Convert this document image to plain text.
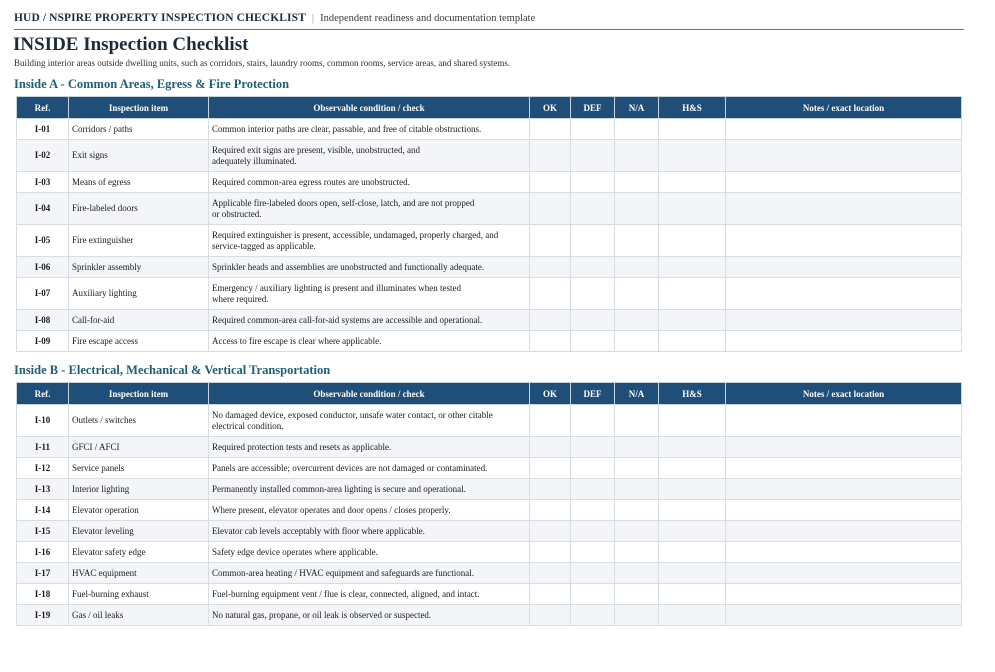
HUD / NSPIRE PROPERTY INSPECTION CHECKLIST | Independent readiness and documentation template
INSIDE Inspection Checklist
Building interior areas outside dwelling units, such as corridors, stairs, laundry rooms, common rooms, service areas, and shared systems.
Inside A - Common Areas, Egress & Fire Protection
Ref.	Inspection item	Observable condition / check	OK	DEF	N/A	H&S	Notes / exact location
I-01	Corridors / paths	Common interior paths are clear, passable, and free of citable obstructions.					
I-02	Exit signs	Required exit signs are present, visible, unobstructed, and
adequately illuminated.					
I-03	Means of egress	Required common-area egress routes are unobstructed.					
I-04	Fire-labeled doors	Applicable fire-labeled doors open, self-close, latch, and are not propped
or obstructed.					
I-05	Fire extinguisher	Required extinguisher is present, accessible, undamaged, properly charged, and
service-tagged as applicable.					
I-06	Sprinkler assembly	Sprinkler heads and assemblies are unobstructed and functionally adequate.					
I-07	Auxiliary lighting	Emergency / auxiliary lighting is present and illuminates when tested
where required.					
I-08	Call-for-aid	Required common-area call-for-aid systems are accessible and operational.					
I-09	Fire escape access	Access to fire escape is clear where applicable.					
Inside B - Electrical, Mechanical & Vertical Transportation
Ref.	Inspection item	Observable condition / check	OK	DEF	N/A	H&S	Notes / exact location
I-10	Outlets / switches	No damaged device, exposed conductor, unsafe water contact, or other citable
electrical condition.					
I-11	GFCI / AFCI	Required protection tests and resets as applicable.					
I-12	Service panels	Panels are accessible; overcurrent devices are not damaged or contaminated.					
I-13	Interior lighting	Permanently installed common-area lighting is secure and operational.					
I-14	Elevator operation	Where present, elevator operates and door opens / closes properly.					
I-15	Elevator leveling	Elevator cab levels acceptably with floor where applicable.					
I-16	Elevator safety edge	Safety edge device operates where applicable.					
I-17	HVAC equipment	Common-area heating / HVAC equipment and safeguards are functional.					
I-18	Fuel-burning exhaust	Fuel-burning equipment vent / flue is clear, connected, aligned, and intact.					
I-19	Gas / oil leaks	No natural gas, propane, or oil leak is observed or suspected.					
